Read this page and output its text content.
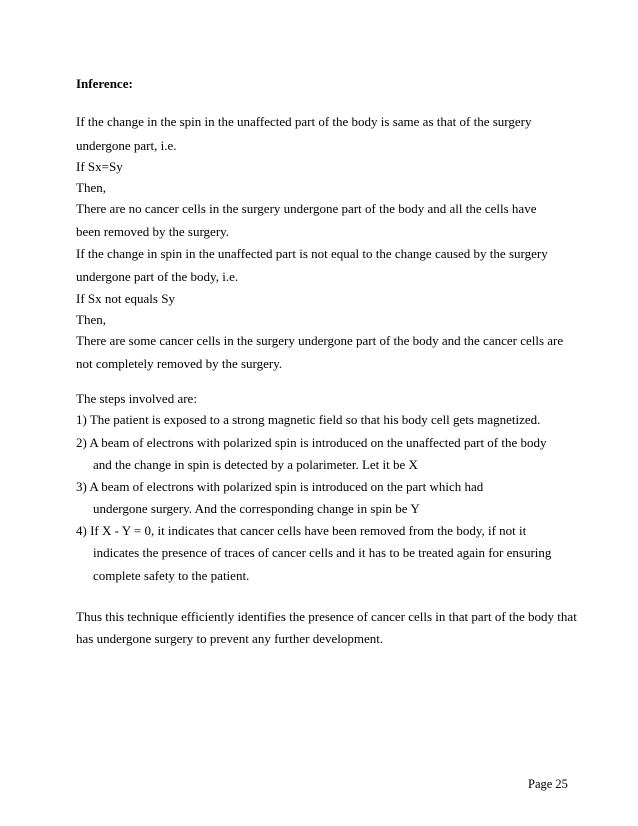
Inference:
If the change in the spin in the unaffected part of the body is same as that of the surgery
undergone part, i.e.
If Sx=Sy
Then,
There are no cancer cells in the surgery undergone part of the body and all the cells have
been removed by the surgery.
If the change in spin in the unaffected part is not equal to the change caused by the surgery
undergone part of the body, i.e.
If Sx not equals Sy
Then,
There are some cancer cells in the surgery undergone part of the body and the cancer cells are
not completely removed by the surgery.
The steps involved are:
1) The patient is exposed to a strong magnetic field so that his body cell gets magnetized.
2) A beam of electrons with polarized spin is introduced on the unaffected part of the body
and the change in spin is detected by a polarimeter. Let it be X
3) A beam of electrons with polarized spin is introduced on the part which had
undergone surgery. And the corresponding change in spin be Y
4) If X - Y = 0, it indicates that cancer cells have been removed from the body, if not it
indicates the presence of traces of cancer cells and it has to be treated again for ensuring
complete safety to the patient.
Thus this technique efficiently identifies the presence of cancer cells in that part of the body that
has undergone surgery to prevent any further development.
Page 25
